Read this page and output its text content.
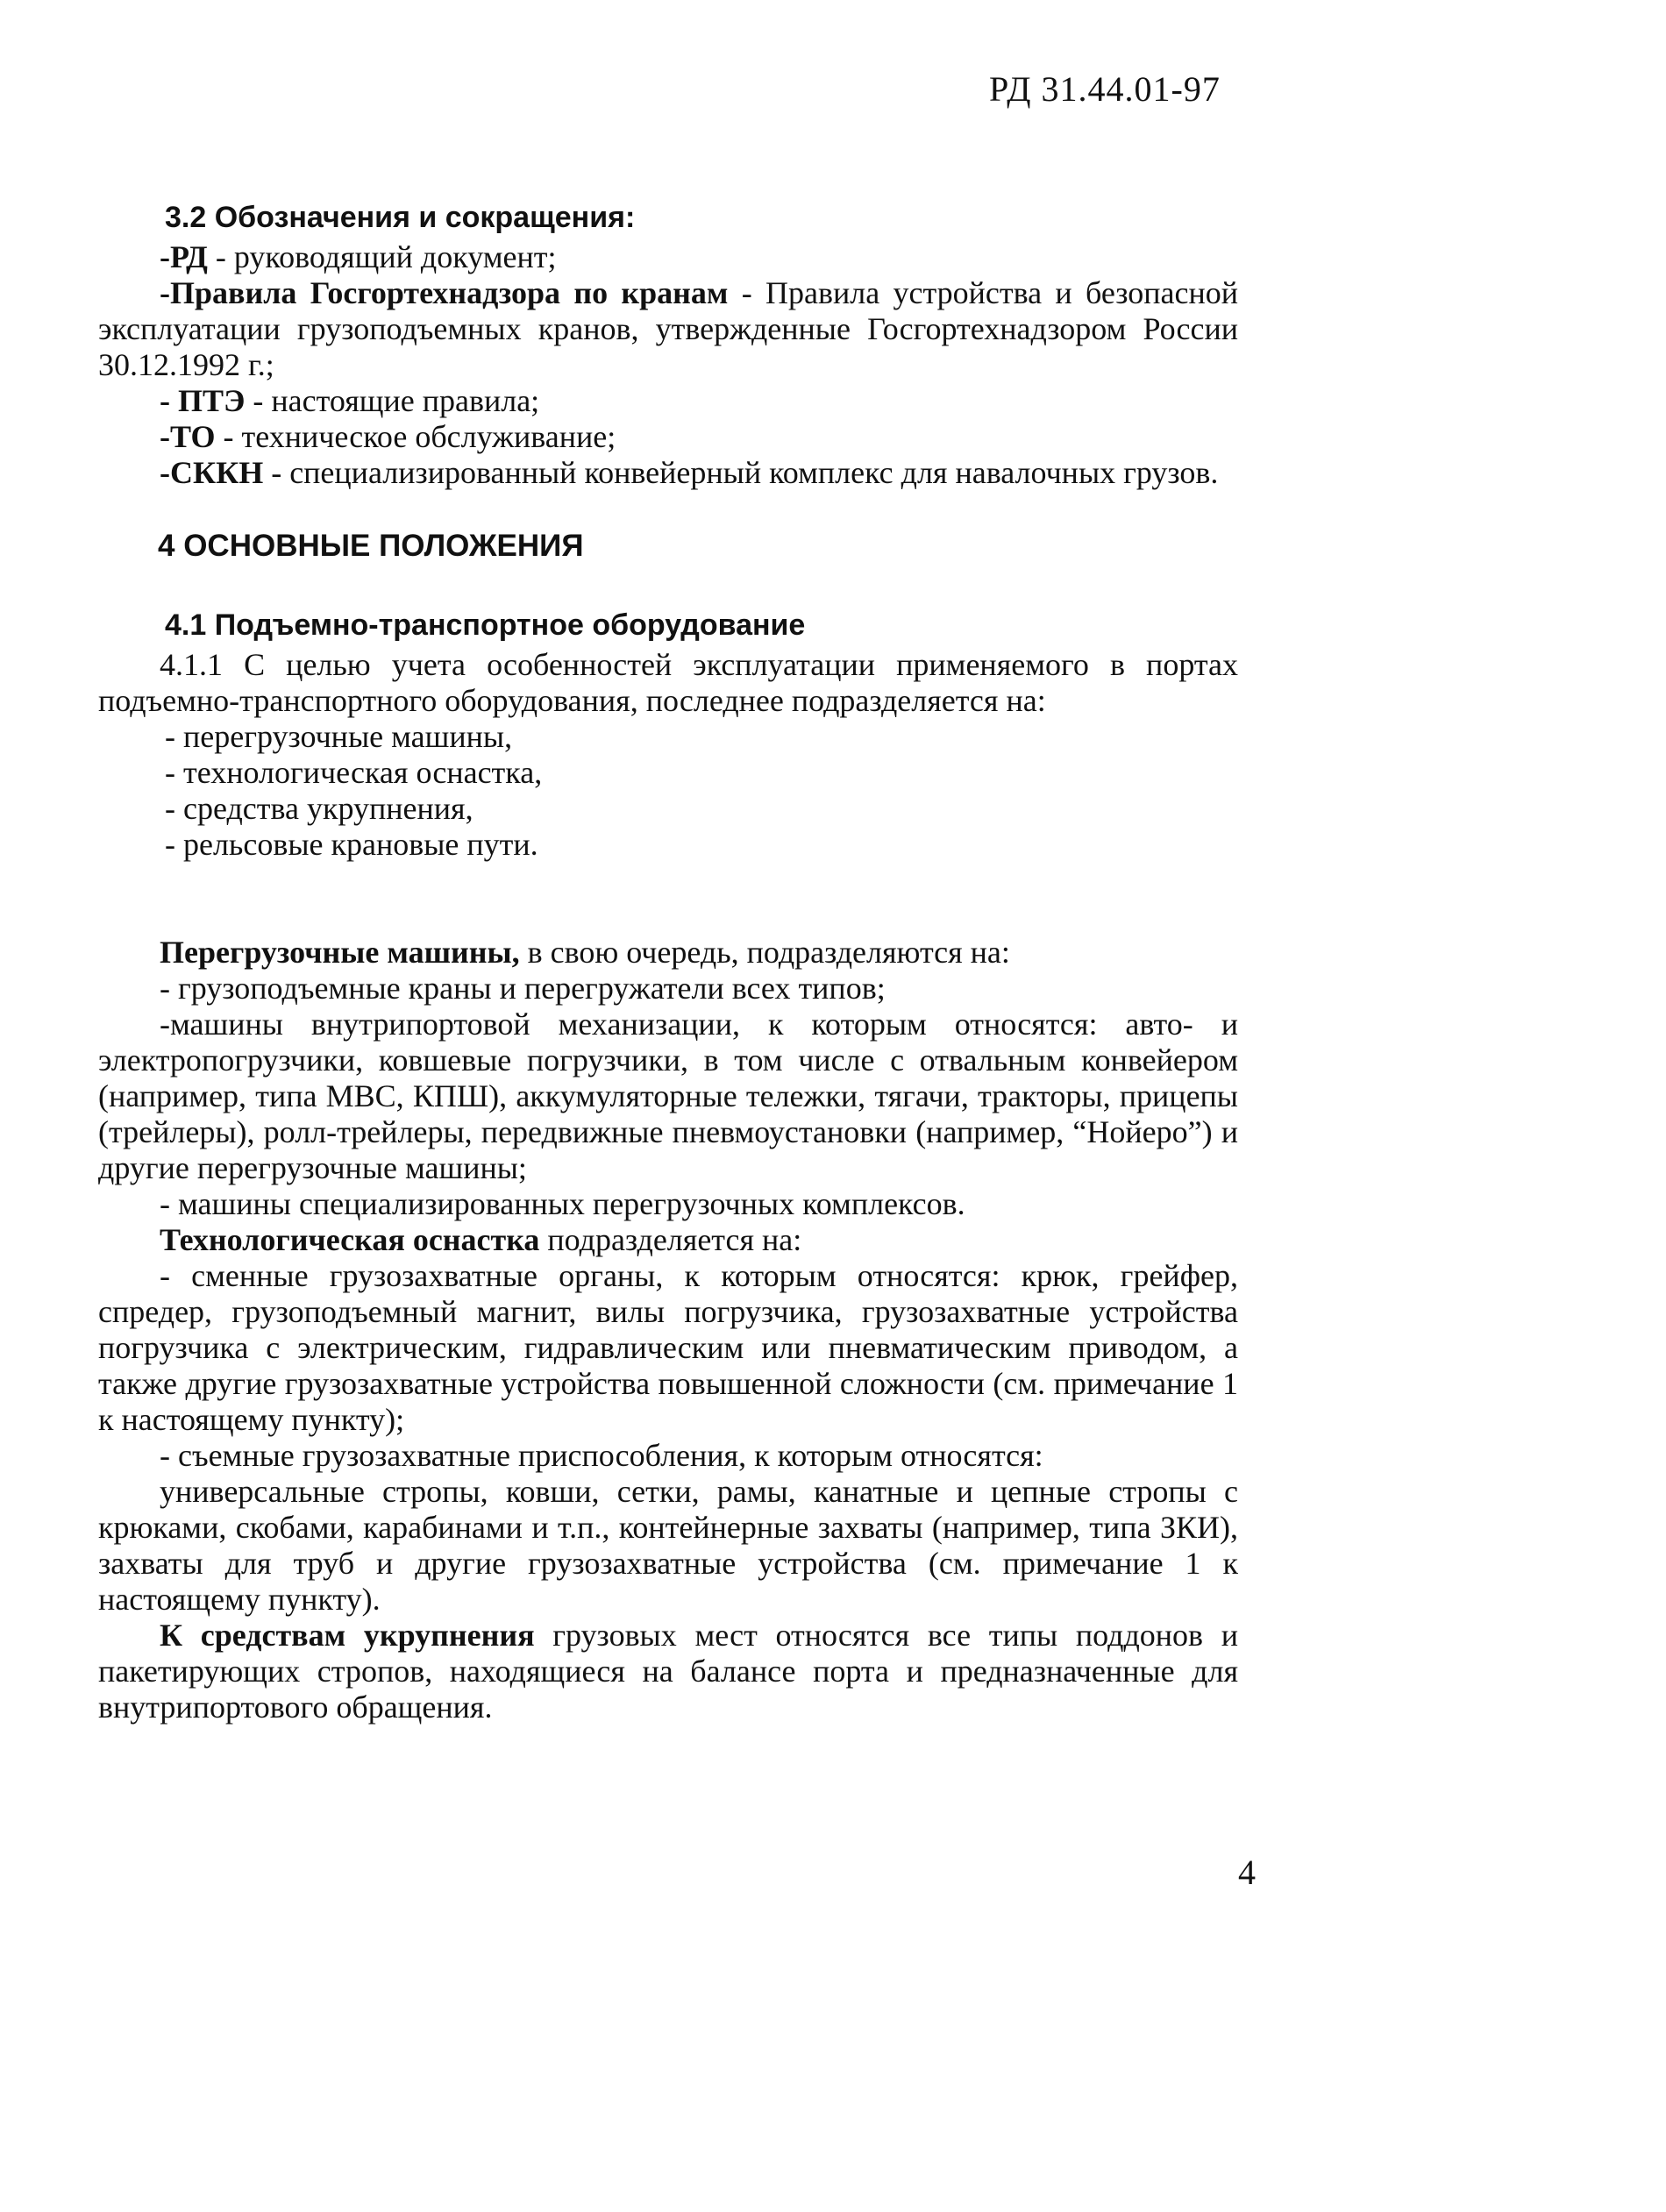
РД 31.44.01-97

3.2 Обозначения и сокращения:

-РД - руководящий документ;

-Правила Госгортехнадзора по кранам - Правила устройства и безопасной эксплуатации грузоподъемных кранов, утвержденные Госгортехнадзором России 30.12.1992 г.;

- ПТЭ - настоящие правила;

-ТО - техническое обслуживание;

-СККН - специализированный конвейерный комплекс для навалочных грузов.

4 ОСНОВНЫЕ ПОЛОЖЕНИЯ

4.1 Подъемно-транспортное оборудование

4.1.1 С целью учета особенностей эксплуатации применяемого в портах подъемно-транспортного оборудования, последнее подразделяется на:

- перегрузочные машины,

- технологическая оснастка,

- средства укрупнения,

- рельсовые крановые пути.

Перегрузочные машины, в свою очередь, подразделяются на:

- грузоподъемные краны и перегружатели всех типов;

-машины внутрипортовой механизации, к которым относятся: авто- и электропогрузчики, ковшевые погрузчики, в том числе с отвальным конвейером (например, типа МВС, КПШ), аккумуляторные тележки, тягачи, тракторы, прицепы (трейлеры), ролл-трейлеры, передвижные пневмоустановки (например, “Нойеро”) и другие перегрузочные машины;

- машины специализированных перегрузочных комплексов.

Технологическая оснастка подразделяется на:

- сменные грузозахватные органы, к которым относятся: крюк, грейфер, спредер, грузоподъемный магнит, вилы погрузчика, грузозахватные устройства погрузчика с электрическим, гидравлическим или пневматическим приводом, а также другие грузозахватные устройства повышенной сложности (см. примечание 1 к настоящему пункту);

- съемные грузозахватные приспособления, к которым относятся:

универсальные стропы, ковши, сетки, рамы, канатные и цепные стропы с крюками, скобами, карабинами и т.п., контейнерные захваты (например, типа ЗКИ), захваты для труб и другие грузозахватные устройства (см. примечание 1 к настоящему пункту).

К средствам укрупнения грузовых мест относятся все типы поддонов и пакетирующих стропов, находящиеся на балансе порта и предназначенные для внутрипортового обращения.

4
